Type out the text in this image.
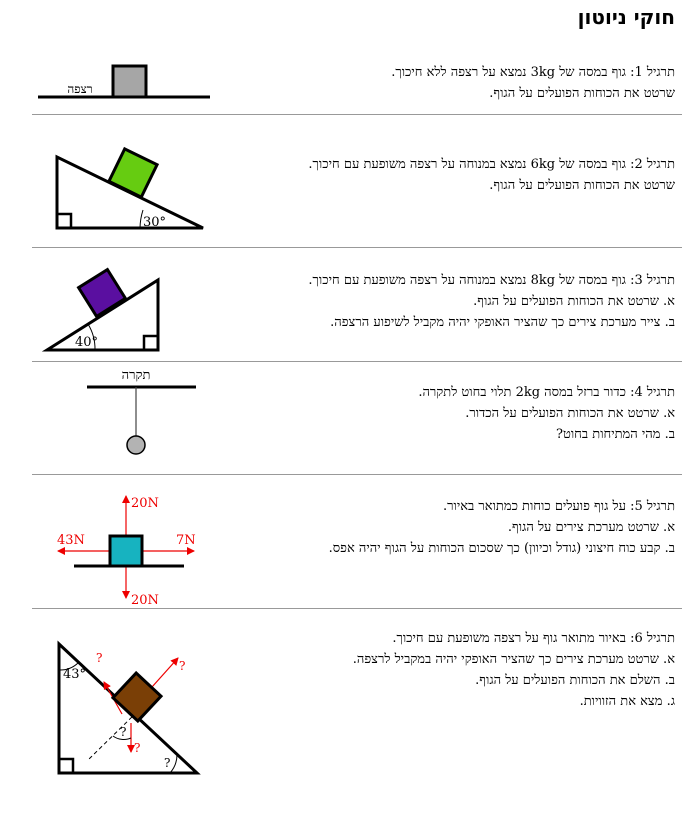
חוקי ניוטון
תרגיל 1: גוף במסה של 3kg נמצא על רצפה ללא חיכוך.
שרטט את הכוחות הפועלים על הגוף.
רצפה
תרגיל 2: גוף במסה של 6kg נמצא במנוחה על רצפה משופעת עם חיכוך.
שרטט את הכוחות הפועלים על הגוף.
30°
תרגיל 3: גוף במסה של 8kg נמצא במנוחה על רצפה משופעת עם חיכוך.
א. שרטט את הכוחות הפועלים על הגוף.
ב. צייר מערכת צירים כך שהציר האופקי יהיה מקביל לשיפוע הרצפה.
40°
תרגיל 4: כדור ברזל במסה 2kg תלוי בחוט לתקרה.
א. שרטט את הכוחות הפועלים על הכדור.
ב. מהי המתיחות בחוט?
תקרה
תרגיל 5: על גוף פועלים כוחות כמתואר באיור.
א. שרטט מערכת צירים על הגוף.
ב. קבע כוח חיצוני (גודל וכיוון) כך שסכום הכוחות על הגוף יהיה אפס.
20N
20N
43N	7N
תרגיל 6: באיור מתואר גוף על רצפה משופעת עם חיכוך.
א. שרטט מערכת צירים כך שהציר האופקי יהיה במקביל לרצפה.
ב. השלם את הכוחות הפועלים על הגוף.
ג. מצא את הזוויות.
43°
?
?
?
?
?
